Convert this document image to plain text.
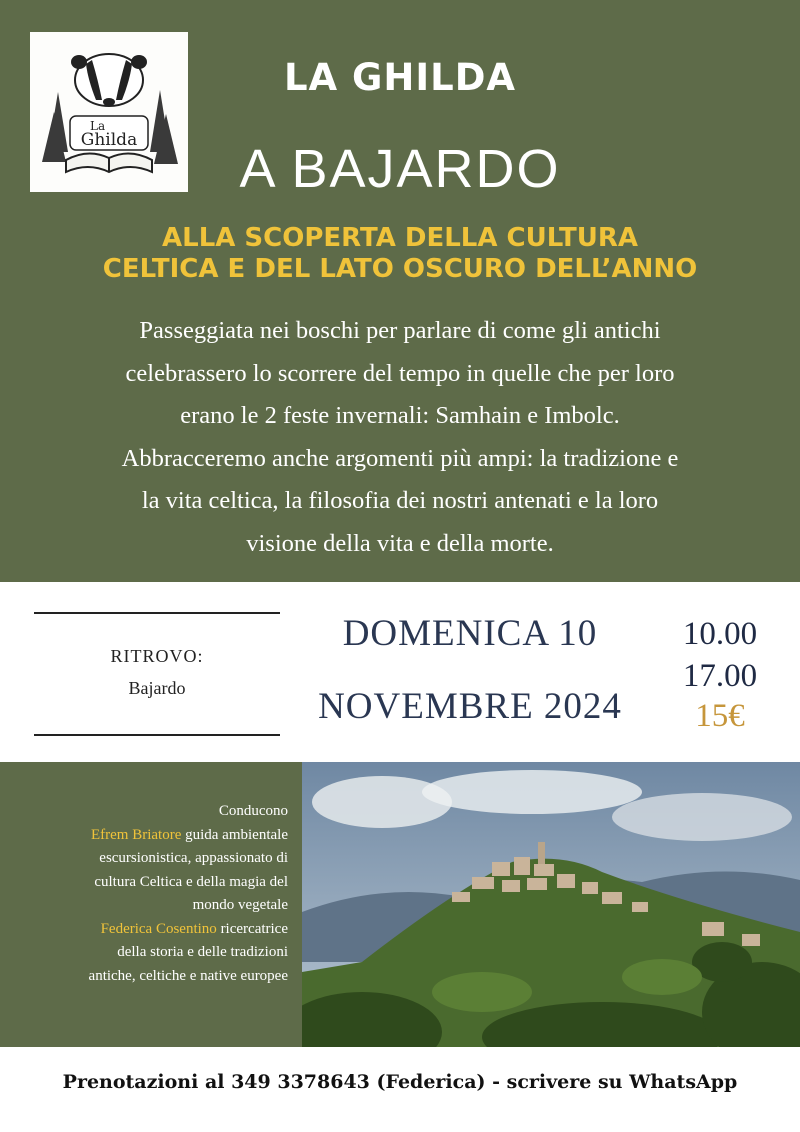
La
Ghilda
LA GHILDA
A BAJARDO
ALLA SCOPERTA DELLA CULTURA
CELTICA E DEL LATO OSCURO DELL’ANNO
Passeggiata nei boschi per parlare di come gli antichi
celebrassero lo scorrere del tempo in quelle che per loro
erano le 2 feste invernali: Samhain e Imbolc.
Abbracceremo anche argomenti più ampi: la tradizione e
la vita celtica, la filosofia dei nostri antenati e la loro
visione della vita e della morte.
RITROVO:
Bajardo
DOMENICA 10
NOVEMBRE 2024
10.00
17.00
15€
Conducono
Efrem Briatore guida ambientale
escursionistica, appassionato di
cultura Celtica e della magia del
mondo vegetale
Federica Cosentino ricercatrice
della storia e delle tradizioni
antiche, celtiche e native europee
Prenotazioni al 349 3378643 (Federica) - scrivere su WhatsApp
